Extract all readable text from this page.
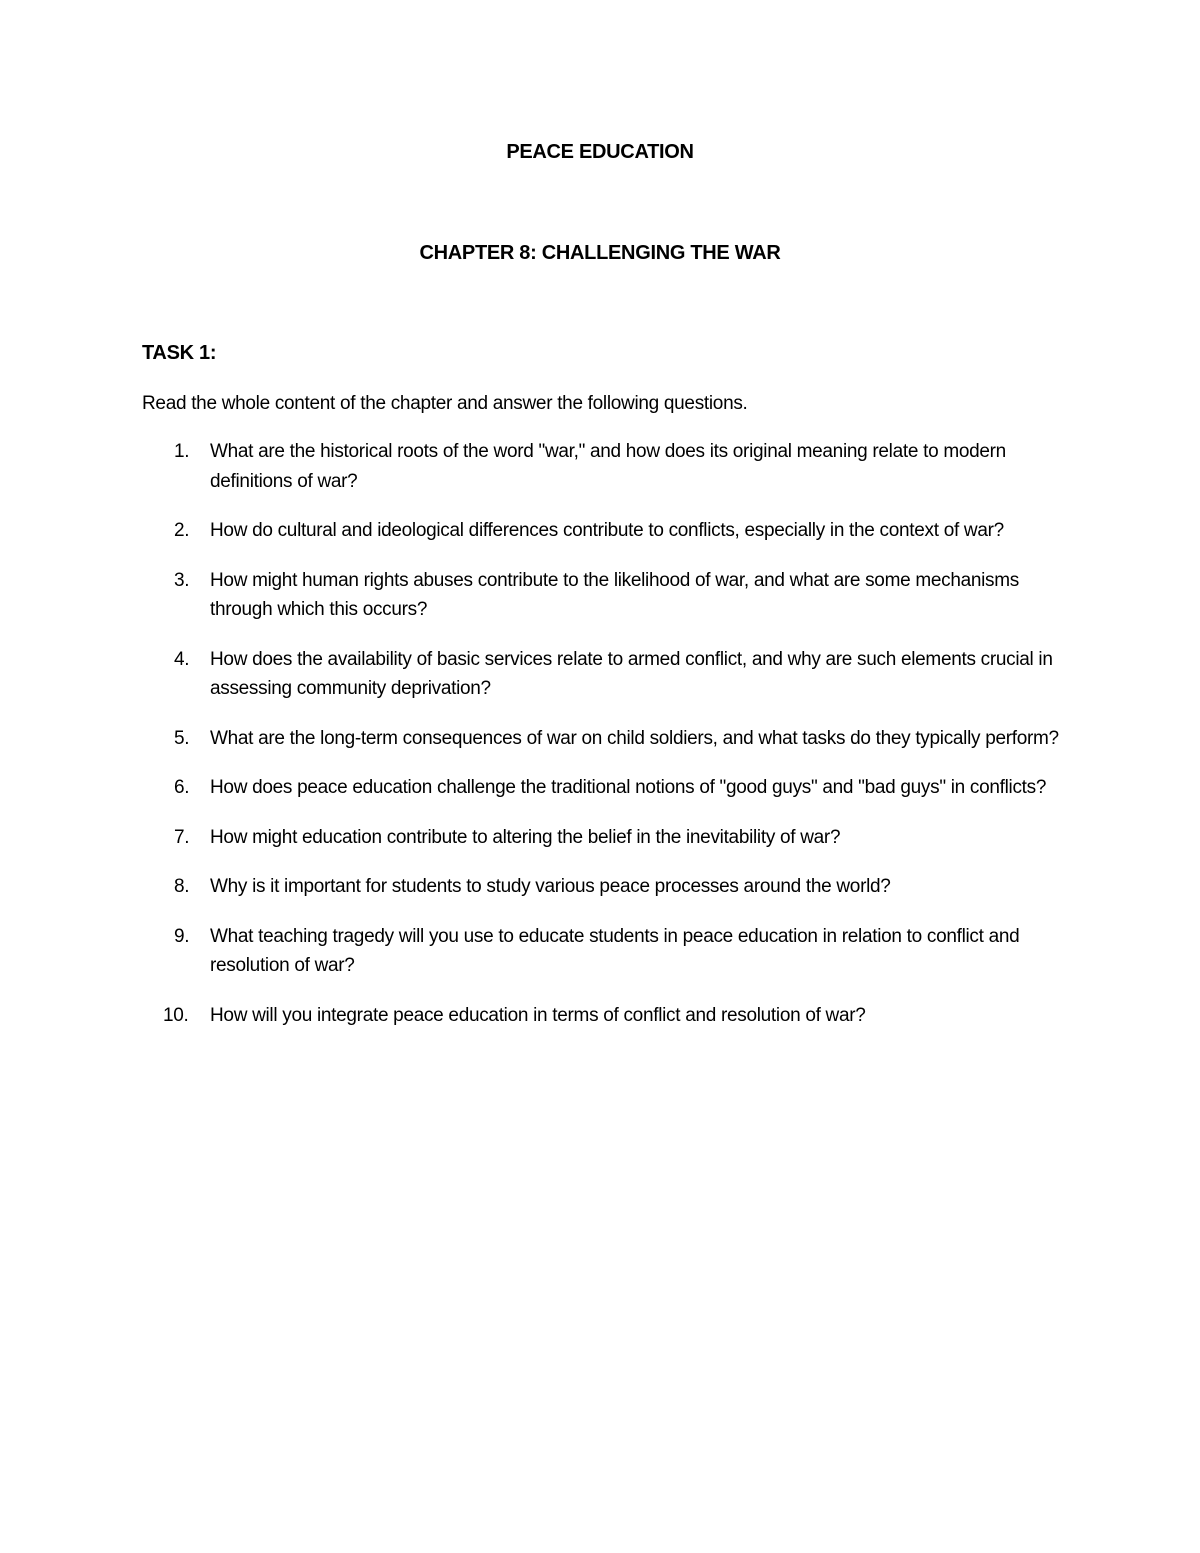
PEACE EDUCATION
CHAPTER 8: CHALLENGING THE WAR
TASK 1:
Read the whole content of the chapter and answer the following questions.
1. What are the historical roots of the word "war," and how does its original meaning relate to modern definitions of war?
2. How do cultural and ideological differences contribute to conflicts, especially in the context of war?
3. How might human rights abuses contribute to the likelihood of war, and what are some mechanisms through which this occurs?
4. How does the availability of basic services relate to armed conflict, and why are such elements crucial in assessing community deprivation?
5. What are the long-term consequences of war on child soldiers, and what tasks do they typically perform?
6. How does peace education challenge the traditional notions of "good guys" and "bad guys" in conflicts?
7. How might education contribute to altering the belief in the inevitability of war?
8. Why is it important for students to study various peace processes around the world?
9. What teaching tragedy will you use to educate students in peace education in relation to conflict and resolution of war?
10. How will you integrate peace education in terms of conflict and resolution of war?
